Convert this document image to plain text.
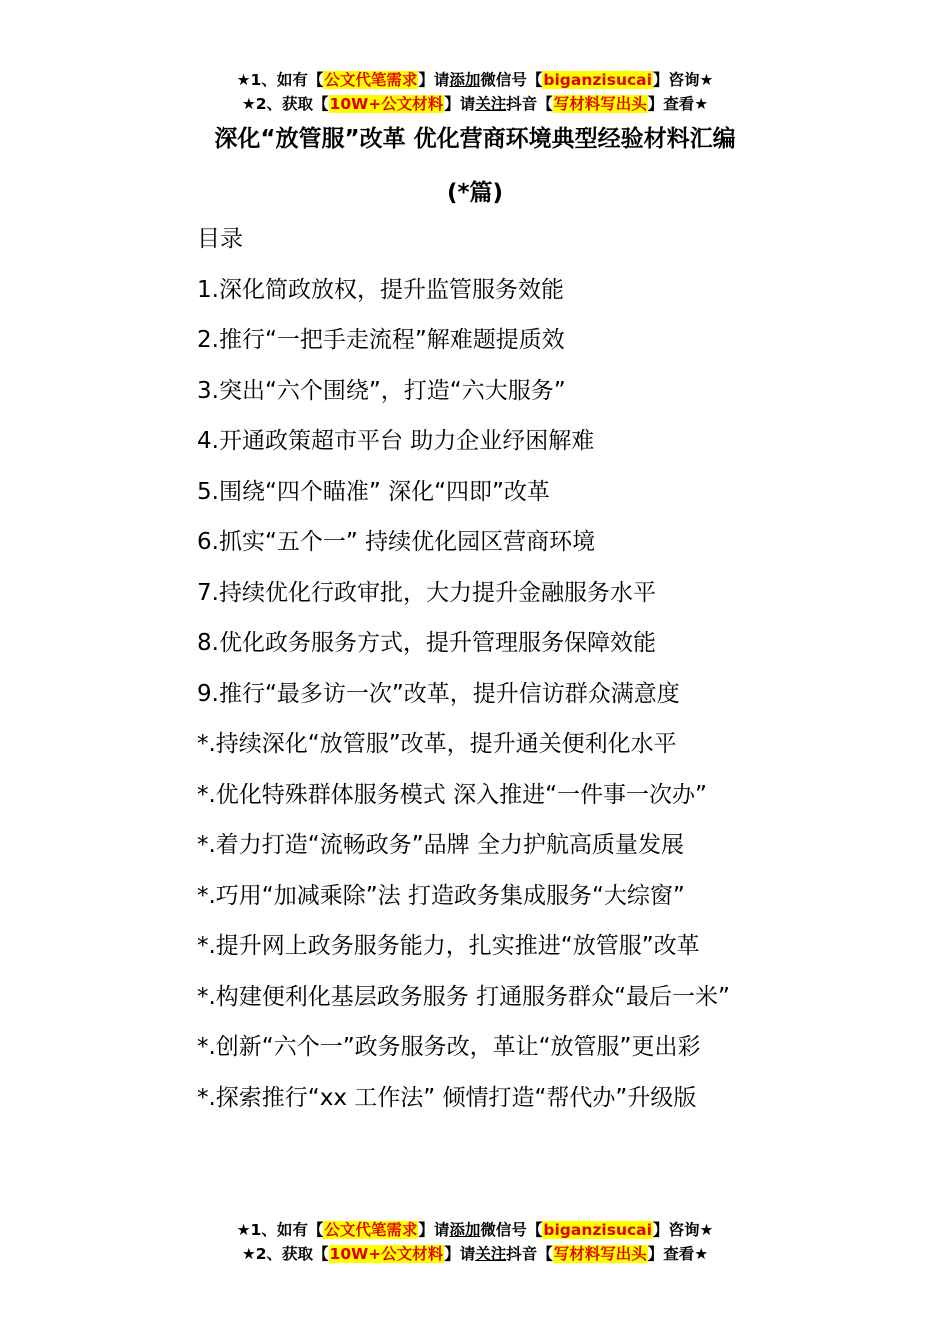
★1、如有【公文代笔需求】请添加微信号【biganzisucai】咨询★
★2、获取【10W+公文材料】请关注抖音【写材料写出头】查看★
深化“放管服”改革 优化营商环境典型经验材料汇编
(*篇)
目录
1.深化简政放权，提升监管服务效能
2.推行“一把手走流程”解难题提质效
3.突出“六个围绕”，打造“六大服务”
4.开通政策超市平台 助力企业纾困解难
5.围绕“四个瞄准” 深化“四即”改革
6.抓实“五个一” 持续优化园区营商环境
7.持续优化行政审批，大力提升金融服务水平
8.优化政务服务方式，提升管理服务保障效能
9.推行“最多访一次”改革，提升信访群众满意度
*.持续深化“放管服”改革，提升通关便利化水平
*.优化特殊群体服务模式 深入推进“一件事一次办”
*.着力打造“流畅政务”品牌 全力护航高质量发展
*.巧用“加减乘除”法 打造政务集成服务“大综窗”
*.提升网上政务服务能力，扎实推进“放管服”改革
*.构建便利化基层政务服务 打通服务群众“最后一米”
*.创新“六个一”政务服务改，革让“放管服”更出彩
*.探索推行“xx 工作法” 倾情打造“帮代办”升级版
★1、如有【公文代笔需求】请添加微信号【biganzisucai】咨询★
★2、获取【10W+公文材料】请关注抖音【写材料写出头】查看★
